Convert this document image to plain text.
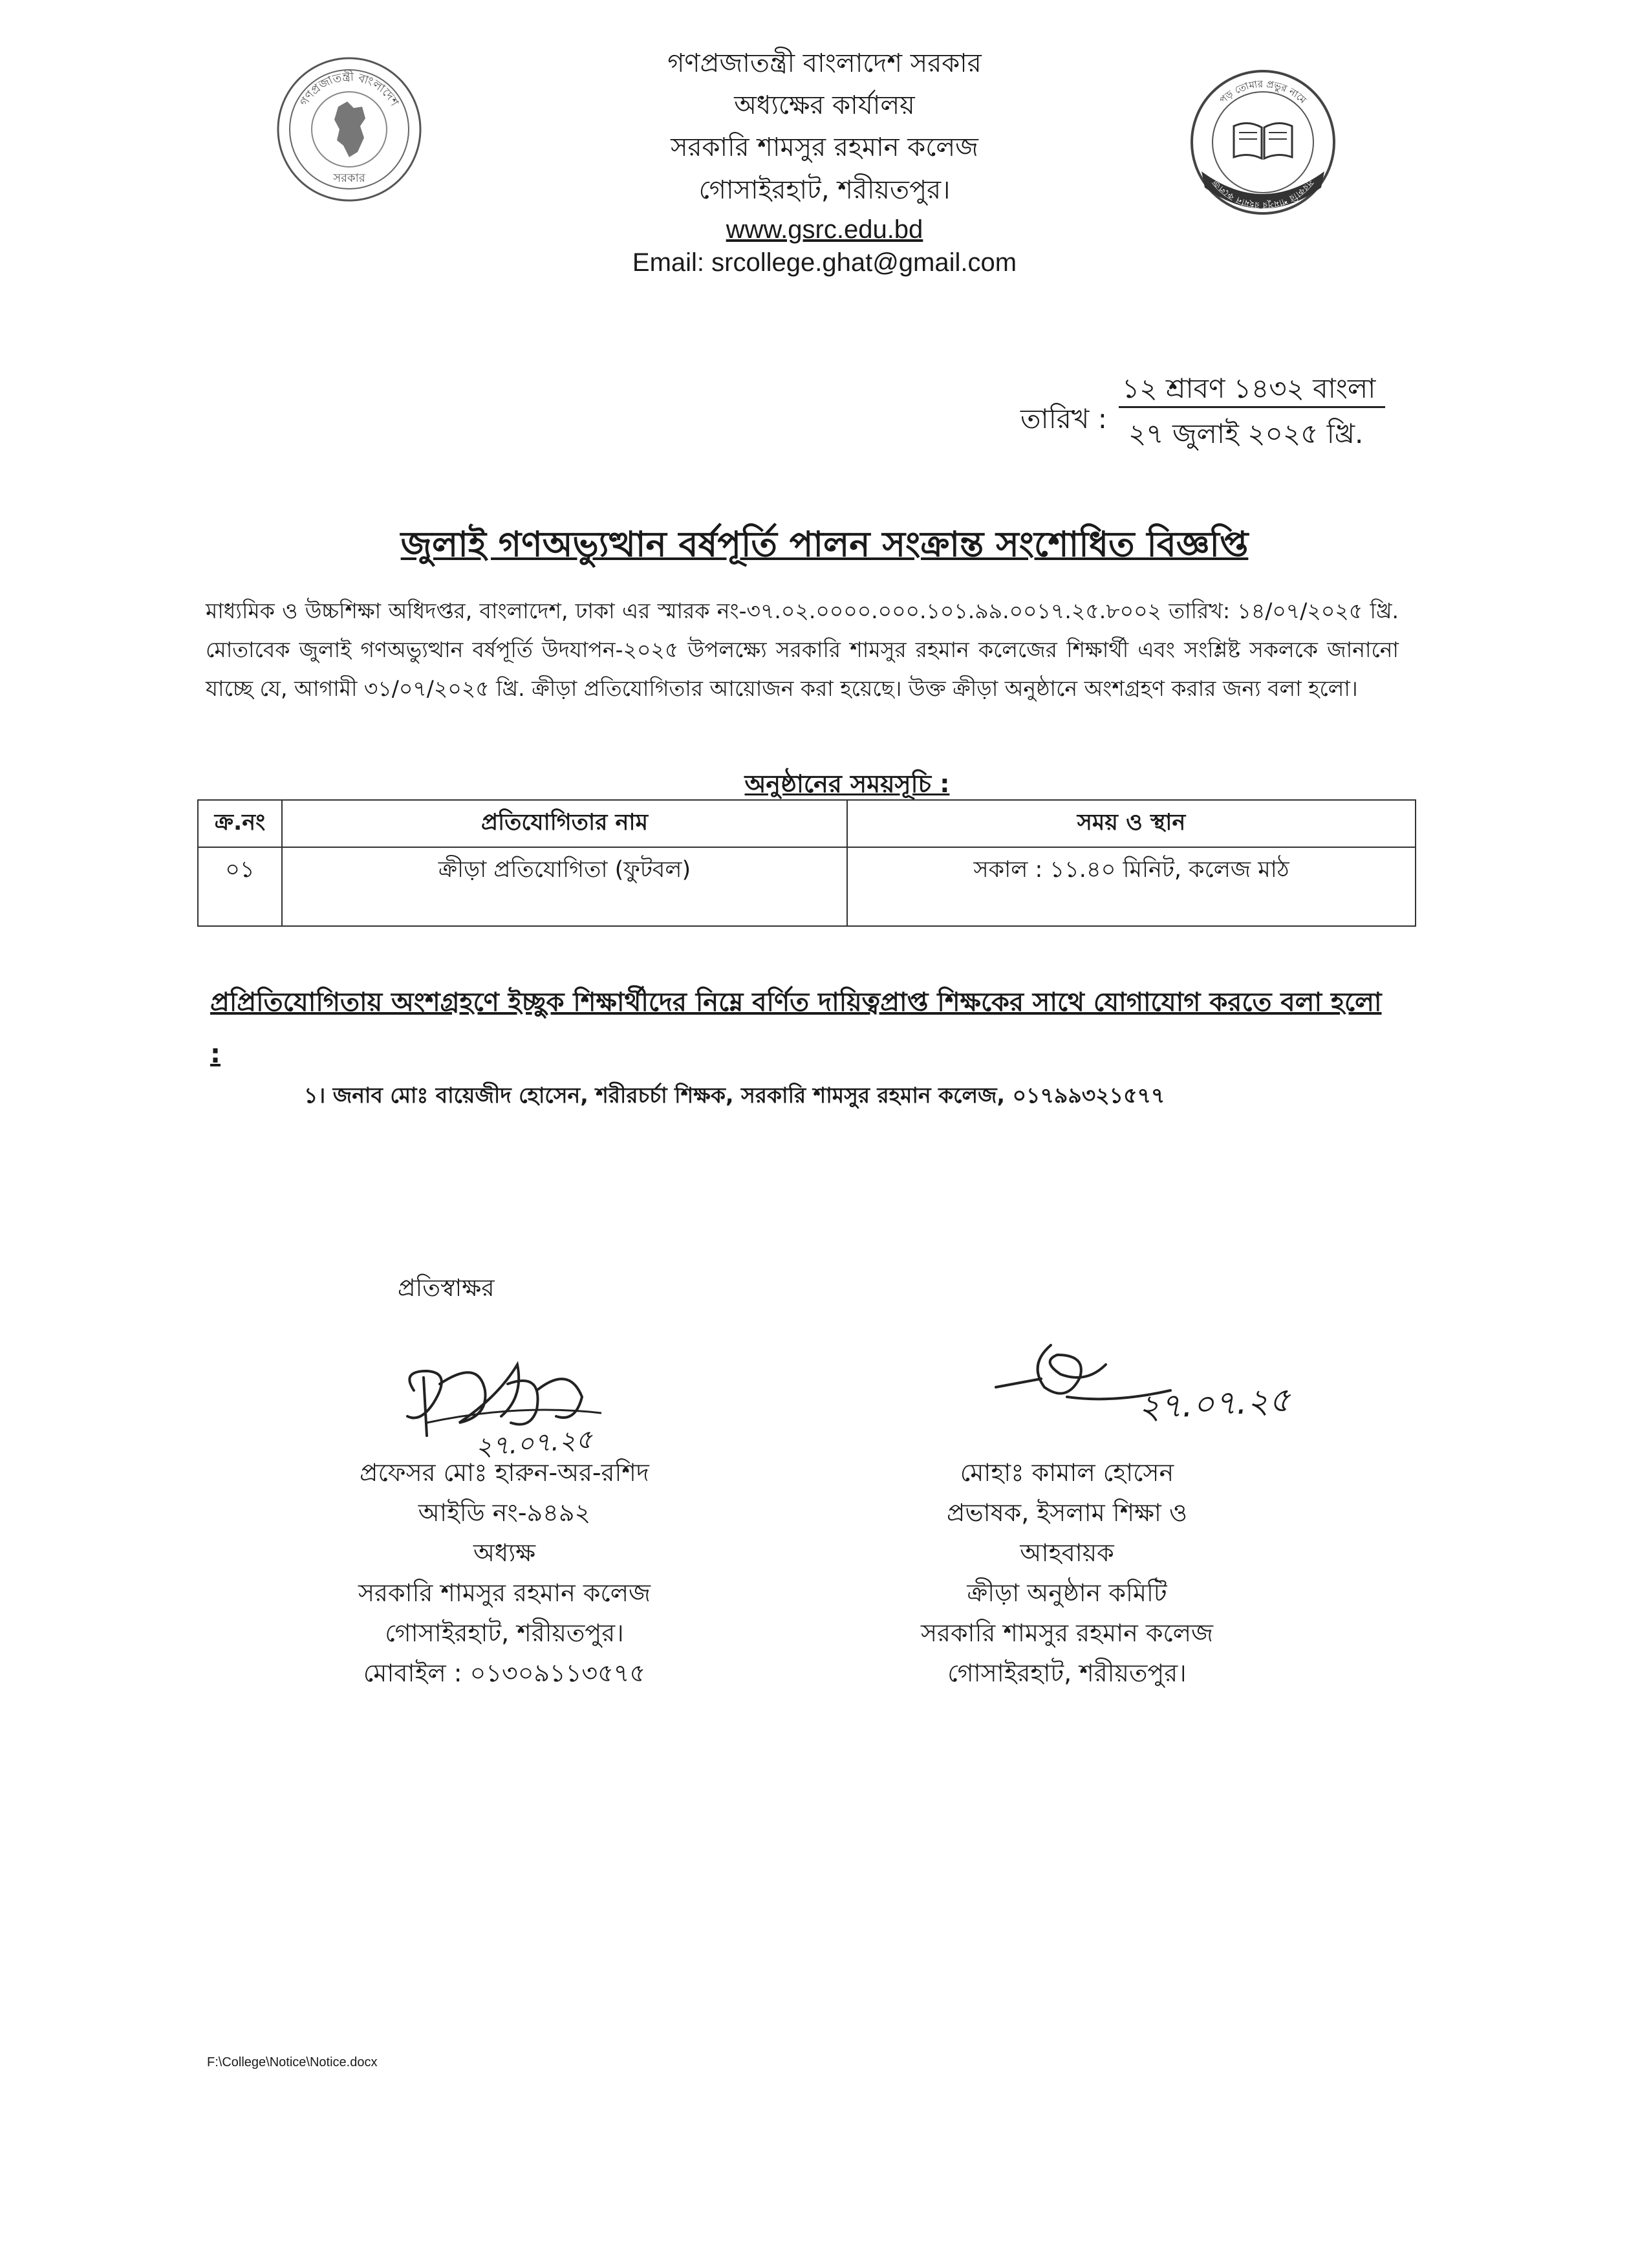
গণপ্রজাতন্ত্রী বাংলাদেশ
সরকার
পড় তোমার প্রভুর নামে
সরকারি শামসুর রহমান কলেজ
গণপ্রজাতন্ত্রী বাংলাদেশ সরকার
অধ্যক্ষের কার্যালয়
সরকারি শামসুর রহমান কলেজ
গোসাইরহাট, শরীয়তপুর।
www.gsrc.edu.bd
Email: srcollege.ghat@gmail.com
তারিখ :
১২ শ্রাবণ ১৪৩২ বাংলা
২৭ জুলাই ২০২৫ খ্রি.
জুলাই গণঅভ্যুত্থান বর্ষপূর্তি পালন সংক্রান্ত সংশোধিত বিজ্ঞপ্তি
মাধ্যমিক ও উচ্চশিক্ষা অধিদপ্তর, বাংলাদেশ, ঢাকা এর স্মারক নং-৩৭.০২.০০০০.০০০.১০১.৯৯.০০১৭.২৫.৮০০২ তারিখ: ১৪/০৭/২০২৫ খ্রি. মোতাবেক জুলাই গণঅভ্যুত্থান বর্ষপূর্তি উদযাপন-২০২৫ উপলক্ষ্যে সরকারি শামসুর রহমান কলেজের শিক্ষার্থী এবং সংশ্লিষ্ট সকলকে জানানো যাচ্ছে যে, আগামী ৩১/০৭/২০২৫ খ্রি. ক্রীড়া প্রতিযোগিতার আয়োজন করা হয়েছে। উক্ত ক্রীড়া অনুষ্ঠানে অংশগ্রহণ করার জন্য বলা হলো।
অনুষ্ঠানের সময়সূচি :
ক্র.নং	প্রতিযোগিতার নাম	সময় ও স্থান
০১	ক্রীড়া প্রতিযোগিতা (ফুটবল)	সকাল : ১১.৪০ মিনিট, কলেজ মাঠ
প্রপ্রিতিযোগিতায় অংশগ্রহণে ইচ্ছুক শিক্ষার্থীদের নিম্নে বর্ণিত দায়িত্বপ্রাপ্ত শিক্ষকের সাথে যোগাযোগ করতে বলা হলো :
১। জনাব মোঃ বায়েজীদ হোসেন, শরীরচর্চা শিক্ষক, সরকারি শামসুর রহমান কলেজ, ০১৭৯৯৩২১৫৭৭
প্রতিস্বাক্ষর
২৭.০৭.২৫
২৭.০৭.২৫
প্রফেসর মোঃ হারুন-অর-রশিদ
আইডি নং-৯৪৯২
অধ্যক্ষ
সরকারি শামসুর রহমান কলেজ
গোসাইরহাট, শরীয়তপুর।
মোবাইল : ০১৩০৯১১৩৫৭৫
মোহাঃ কামাল হোসেন
প্রভাষক, ইসলাম শিক্ষা ও
আহবায়ক
ক্রীড়া অনুষ্ঠান কমিটি
সরকারি শামসুর রহমান কলেজ
গোসাইরহাট, শরীয়তপুর।
F:\College\Notice\Notice.docx
